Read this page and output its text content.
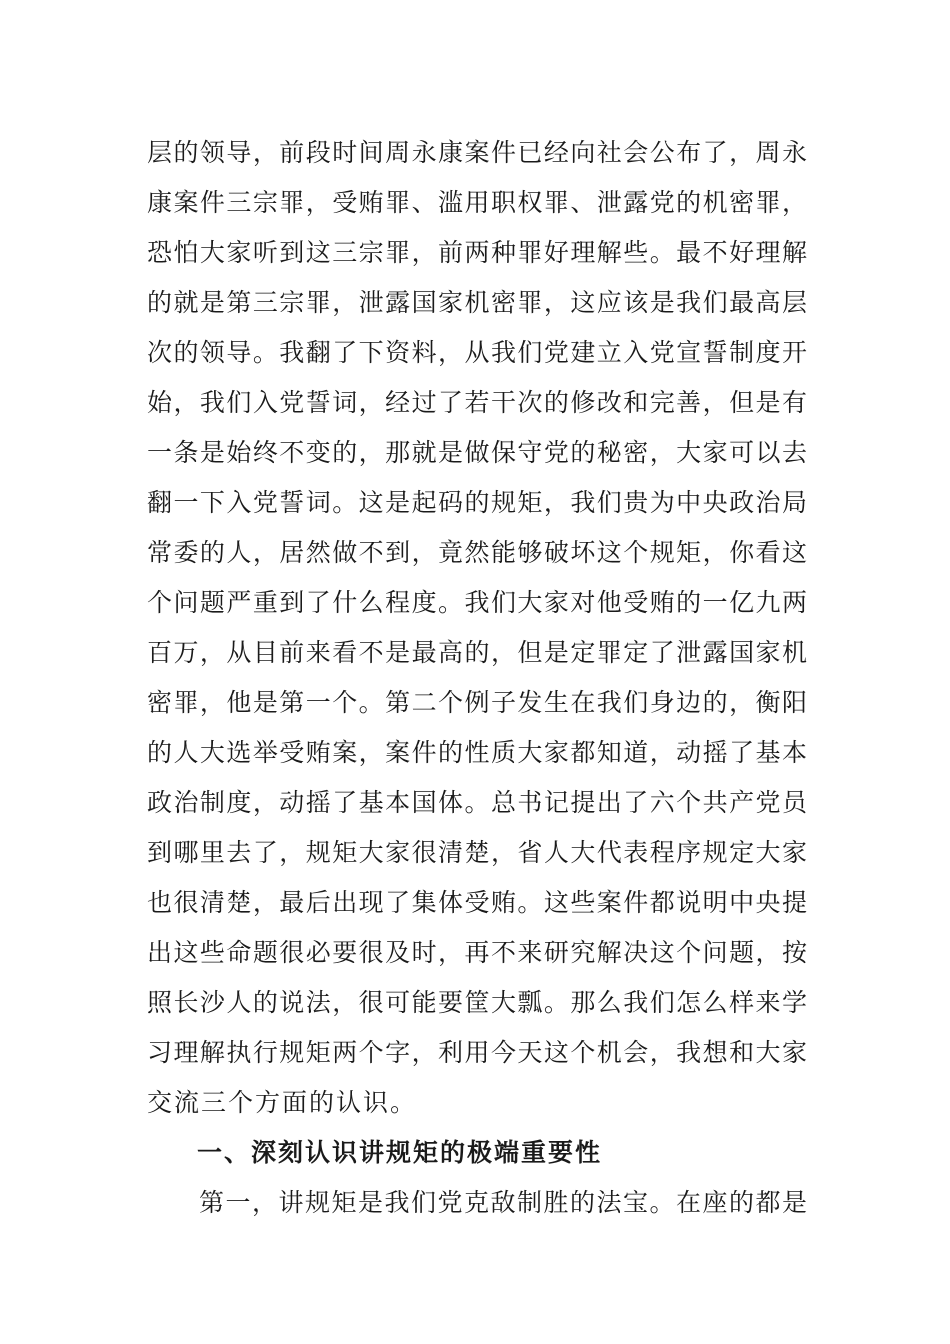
层的领导，前段时间周永康案件已经向社会公布了，周永
康案件三宗罪，受贿罪、滥用职权罪、泄露党的机密罪，
恐怕大家听到这三宗罪，前两种罪好理解些。最不好理解
的就是第三宗罪，泄露国家机密罪，这应该是我们最高层
次的领导。我翻了下资料，从我们党建立入党宣誓制度开
始，我们入党誓词，经过了若干次的修改和完善，但是有
一条是始终不变的，那就是做保守党的秘密，大家可以去
翻一下入党誓词。这是起码的规矩，我们贵为中央政治局
常委的人，居然做不到，竟然能够破坏这个规矩，你看这
个问题严重到了什么程度。我们大家对他受贿的一亿九两
百万，从目前来看不是最高的，但是定罪定了泄露国家机
密罪，他是第一个。第二个例子发生在我们身边的，衡阳
的人大选举受贿案，案件的性质大家都知道，动摇了基本
政治制度，动摇了基本国体。总书记提出了六个共产党员
到哪里去了，规矩大家很清楚，省人大代表程序规定大家
也很清楚，最后出现了集体受贿。这些案件都说明中央提
出这些命题很必要很及时，再不来研究解决这个问题，按
照长沙人的说法，很可能要筐大瓢。那么我们怎么样来学
习理解执行规矩两个字，利用今天这个机会，我想和大家
交流三个方面的认识。
一、深刻认识讲规矩的极端重要性
第一，讲规矩是我们党克敌制胜的法宝。在座的都是
